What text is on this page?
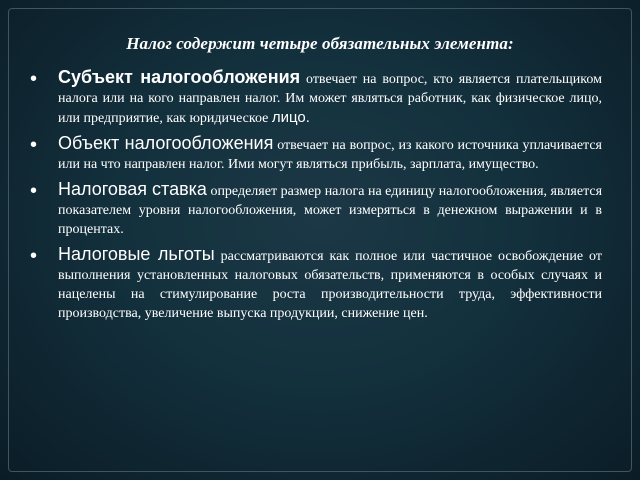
Налог содержит четыре обязательных элемента:
• Субъект налогообложения отвечает на вопрос, кто является плательщиком налога или на кого направлен налог. Им может являться работник, как физическое лицо, или предприятие, как юридическое лицо.
• Объект налогообложения отвечает на вопрос, из какого источника уплачивается или на что направлен налог. Ими могут являться прибыль, зарплата, имущество.
• Налоговая ставка определяет размер налога на единицу налогообложения, является показателем уровня налогообложения, может измеряться в денежном выражении и в процентах.
• Налоговые льготы рассматриваются как полное или частичное освобождение от выполнения установленных налоговых обязательств, применяются в особых случаях и нацелены на стимулирование роста производительности труда, эффективности производства, увеличение выпуска продукции, снижение цен.
